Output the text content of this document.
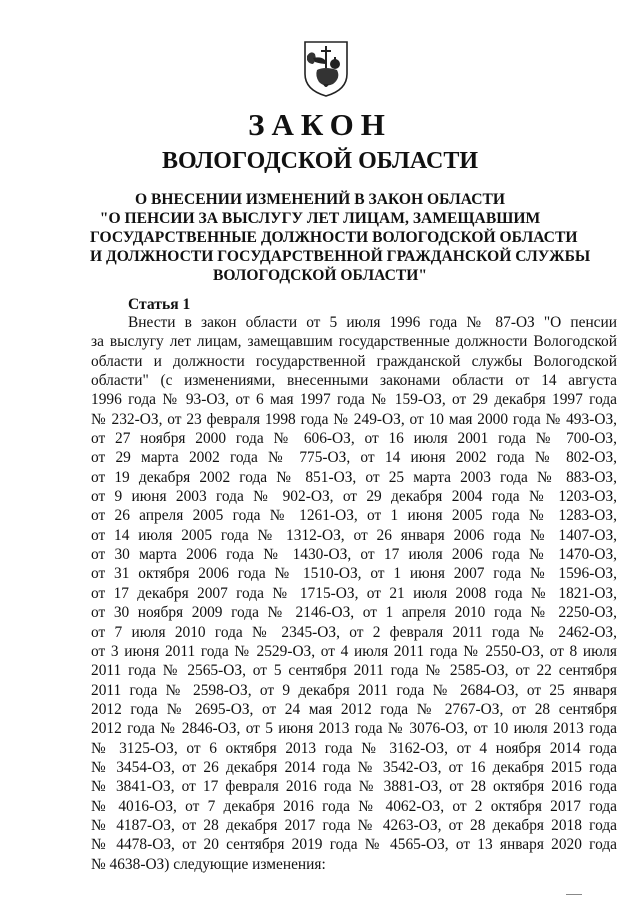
ЗАКОН
ВОЛОГОДСКОЙ ОБЛАСТИ
О ВНЕСЕНИИ ИЗМЕНЕНИЙ В ЗАКОН ОБЛАСТИ
"О ПЕНСИИ ЗА ВЫСЛУГУ ЛЕТ ЛИЦАМ, ЗАМЕЩАВШИМ
ГОСУДАРСТВЕННЫЕ ДОЛЖНОСТИ ВОЛОГОДСКОЙ ОБЛАСТИ
И ДОЛЖНОСТИ ГОСУДАРСТВЕННОЙ ГРАЖДАНСКОЙ СЛУЖБЫ
ВОЛОГОДСКОЙ ОБЛАСТИ"
Статья 1
Внести в закон области от 5 июля 1996 года № 87-ОЗ "О пенсии
за выслугу лет лицам, замещавшим государственные должности Вологодской
области и должности государственной гражданской службы Вологодской
области" (с изменениями, внесенными законами области от 14 августа
1996 года № 93-ОЗ, от 6 мая 1997 года № 159-ОЗ, от 29 декабря 1997 года
№ 232-ОЗ, от 23 февраля 1998 года № 249-ОЗ, от 10 мая 2000 года № 493-ОЗ,
от 27 ноября 2000 года № 606-ОЗ, от 16 июля 2001 года № 700-ОЗ,
от 29 марта 2002 года № 775-ОЗ, от 14 июня 2002 года № 802-ОЗ,
от 19 декабря 2002 года № 851-ОЗ, от 25 марта 2003 года № 883-ОЗ,
от 9 июня 2003 года № 902-ОЗ, от 29 декабря 2004 года № 1203-ОЗ,
от 26 апреля 2005 года № 1261-ОЗ, от 1 июня 2005 года № 1283-ОЗ,
от 14 июля 2005 года № 1312-ОЗ, от 26 января 2006 года № 1407-ОЗ,
от 30 марта 2006 года № 1430-ОЗ, от 17 июля 2006 года № 1470-ОЗ,
от 31 октября 2006 года № 1510-ОЗ, от 1 июня 2007 года № 1596-ОЗ,
от 17 декабря 2007 года № 1715-ОЗ, от 21 июля 2008 года № 1821-ОЗ,
от 30 ноября 2009 года № 2146-ОЗ, от 1 апреля 2010 года № 2250-ОЗ,
от 7 июля 2010 года № 2345-ОЗ, от 2 февраля 2011 года № 2462-ОЗ,
от 3 июня 2011 года № 2529-ОЗ, от 4 июля 2011 года № 2550-ОЗ, от 8 июля
2011 года № 2565-ОЗ, от 5 сентября 2011 года № 2585-ОЗ, от 22 сентября
2011 года № 2598-ОЗ, от 9 декабря 2011 года № 2684-ОЗ, от 25 января
2012 года № 2695-ОЗ, от 24 мая 2012 года № 2767-ОЗ, от 28 сентября
2012 года № 2846-ОЗ, от 5 июня 2013 года № 3076-ОЗ, от 10 июля 2013 года
№ 3125-ОЗ, от 6 октября 2013 года № 3162-ОЗ, от 4 ноября 2014 года
№ 3454-ОЗ, от 26 декабря 2014 года № 3542-ОЗ, от 16 декабря 2015 года
№ 3841-ОЗ, от 17 февраля 2016 года № 3881-ОЗ, от 28 октября 2016 года
№ 4016-ОЗ, от 7 декабря 2016 года № 4062-ОЗ, от 2 октября 2017 года
№ 4187-ОЗ, от 28 декабря 2017 года № 4263-ОЗ, от 28 декабря 2018 года
№ 4478-ОЗ, от 20 сентября 2019 года № 4565-ОЗ, от 13 января 2020 года
№ 4638-ОЗ) следующие изменения:
